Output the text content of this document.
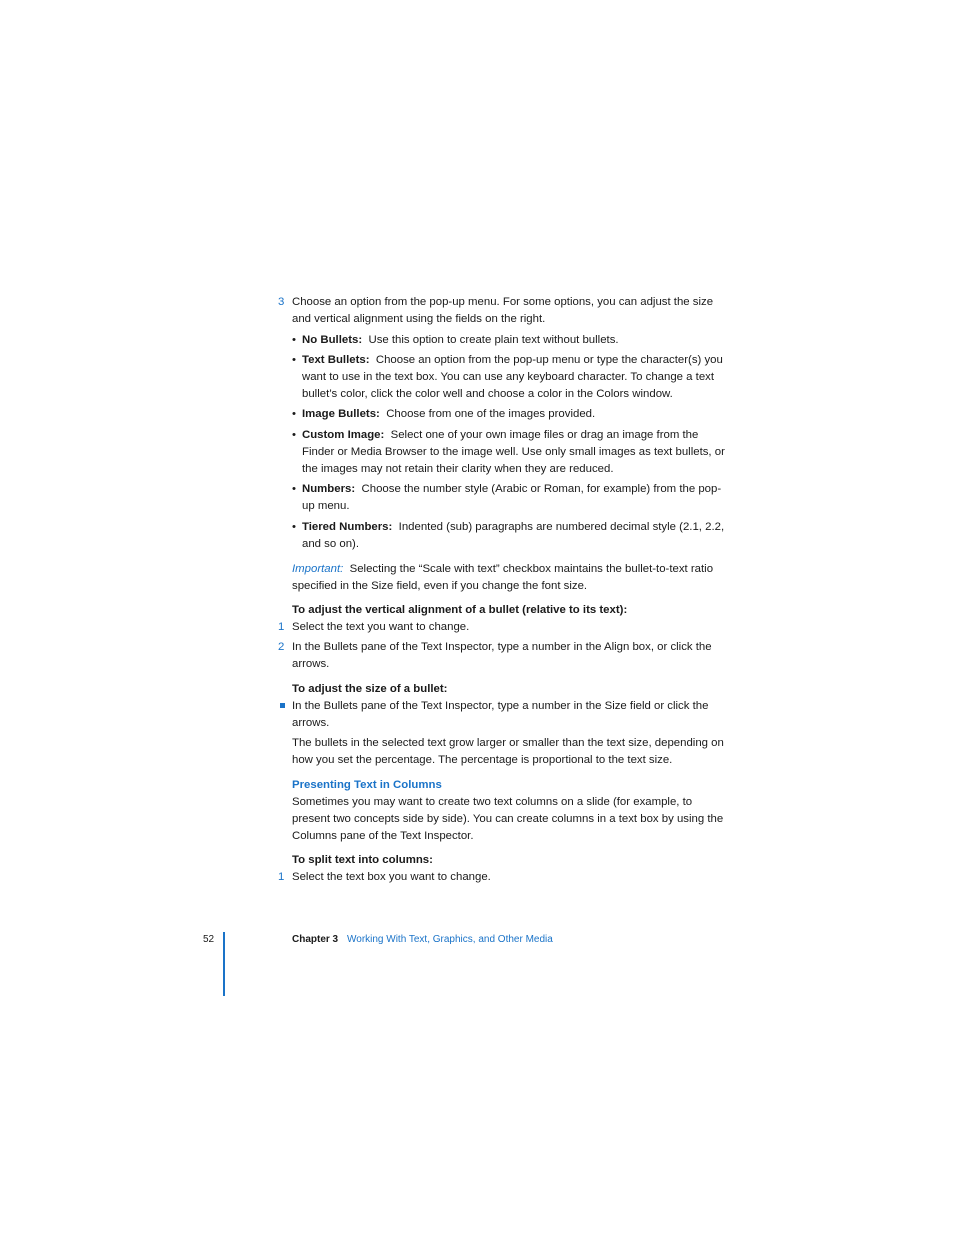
3 Choose an option from the pop-up menu. For some options, you can adjust the size and vertical alignment using the fields on the right.
• No Bullets: Use this option to create plain text without bullets.
• Text Bullets: Choose an option from the pop-up menu or type the character(s) you want to use in the text box. You can use any keyboard character. To change a text bullet’s color, click the color well and choose a color in the Colors window.
• Image Bullets: Choose from one of the images provided.
• Custom Image: Select one of your own image files or drag an image from the Finder or Media Browser to the image well. Use only small images as text bullets, or the images may not retain their clarity when they are reduced.
• Numbers: Choose the number style (Arabic or Roman, for example) from the pop-up menu.
• Tiered Numbers: Indented (sub) paragraphs are numbered decimal style (2.1, 2.2, and so on).
Important: Selecting the “Scale with text” checkbox maintains the bullet-to-text ratio specified in the Size field, even if you change the font size.
To adjust the vertical alignment of a bullet (relative to its text):
1 Select the text you want to change.
2 In the Bullets pane of the Text Inspector, type a number in the Align box, or click the arrows.
To adjust the size of a bullet:
In the Bullets pane of the Text Inspector, type a number in the Size field or click the arrows.
The bullets in the selected text grow larger or smaller than the text size, depending on how you set the percentage. The percentage is proportional to the text size.
Presenting Text in Columns
Sometimes you may want to create two text columns on a slide (for example, to present two concepts side by side). You can create columns in a text box by using the Columns pane of the Text Inspector.
To split text into columns:
1 Select the text box you want to change.
52	Chapter 3 Working With Text, Graphics, and Other Media
